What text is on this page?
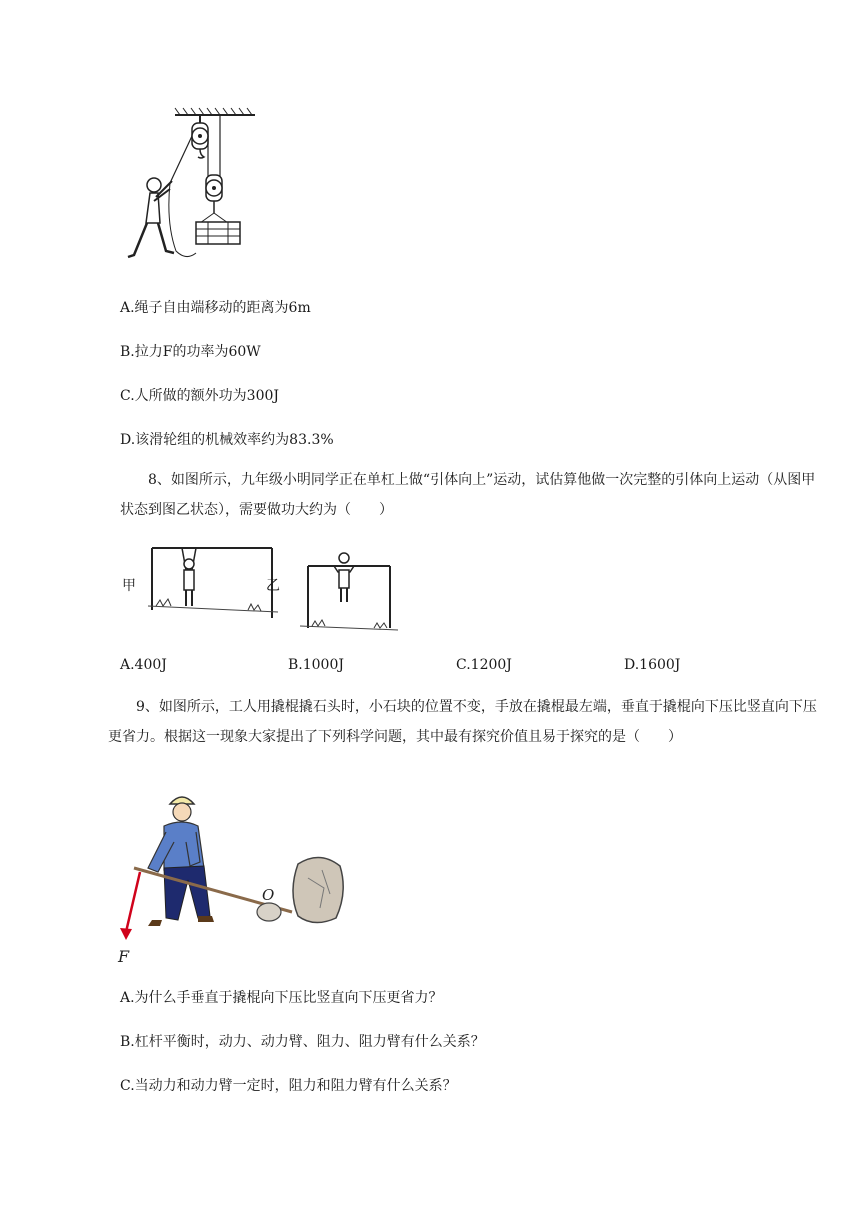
A.绳子自由端移动的距离为6m
B.拉力F的功率为60W
C.人所做的额外功为300J
D.该滑轮组的机械效率约为83.3%
8、如图所示，九年级小明同学正在单杠上做“引体向上”运动，试估算他做一次完整的引体向上运动（从图甲状态到图乙状态），需要做功大约为（　　）
甲	乙
A.400J	B.1000J	C.1200J	D.1600J
9、如图所示，工人用撬棍撬石头时，小石块的位置不变，手放在撬棍最左端，垂直于撬棍向下压比竖直向下压更省力。根据这一现象大家提出了下列科学问题，其中最有探究价值且易于探究的是（　　）
O
F
A.为什么手垂直于撬棍向下压比竖直向下压更省力？
B.杠杆平衡时，动力、动力臂、阻力、阻力臂有什么关系？
C.当动力和动力臂一定时，阻力和阻力臂有什么关系？
